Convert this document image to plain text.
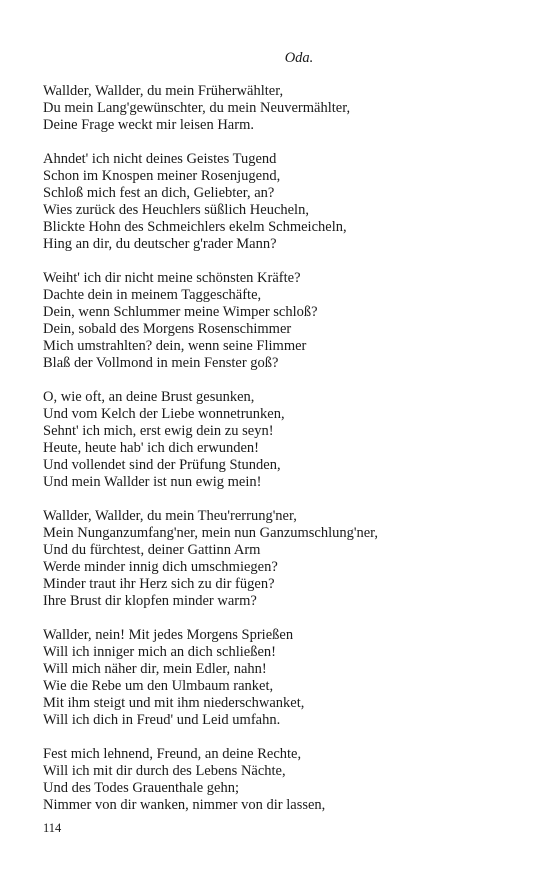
Oda.
Wallder, Wallder, du mein Früherwählter,
Du mein Lang'gewünschter, du mein Neuvermählter,
Deine Frage weckt mir leisen Harm.
Ahndet' ich nicht deines Geistes Tugend
Schon im Knospen meiner Rosenjugend,
Schloß mich fest an dich, Geliebter, an?
Wies zurück des Heuchlers süßlich Heucheln,
Blickte Hohn des Schmeichlers ekelm Schmeicheln,
Hing an dir, du deutscher g'rader Mann?
Weiht' ich dir nicht meine schönsten Kräfte?
Dachte dein in meinem Taggeschäfte,
Dein, wenn Schlummer meine Wimper schloß?
Dein, sobald des Morgens Rosenschimmer
Mich umstrahlten? dein, wenn seine Flimmer
Blaß der Vollmond in mein Fenster goß?
O, wie oft, an deine Brust gesunken,
Und vom Kelch der Liebe wonnetrunken,
Sehnt' ich mich, erst ewig dein zu seyn!
Heute, heute hab' ich dich erwunden!
Und vollendet sind der Prüfung Stunden,
Und mein Wallder ist nun ewig mein!
Wallder, Wallder, du mein Theu'rerrung'ner,
Mein Nunganzumfang'ner, mein nun Ganzumschlung'ner,
Und du fürchtest, deiner Gattinn Arm
Werde minder innig dich umschmiegen?
Minder traut ihr Herz sich zu dir fügen?
Ihre Brust dir klopfen minder warm?
Wallder, nein! Mit jedes Morgens Sprießen
Will ich inniger mich an dich schließen!
Will mich näher dir, mein Edler, nahn!
Wie die Rebe um den Ulmbaum ranket,
Mit ihm steigt und mit ihm niederschwanket,
Will ich dich in Freud' und Leid umfahn.
Fest mich lehnend, Freund, an deine Rechte,
Will ich mit dir durch des Lebens Nächte,
Und des Todes Grauenthale gehn;
Nimmer von dir wanken, nimmer von dir lassen,
114
